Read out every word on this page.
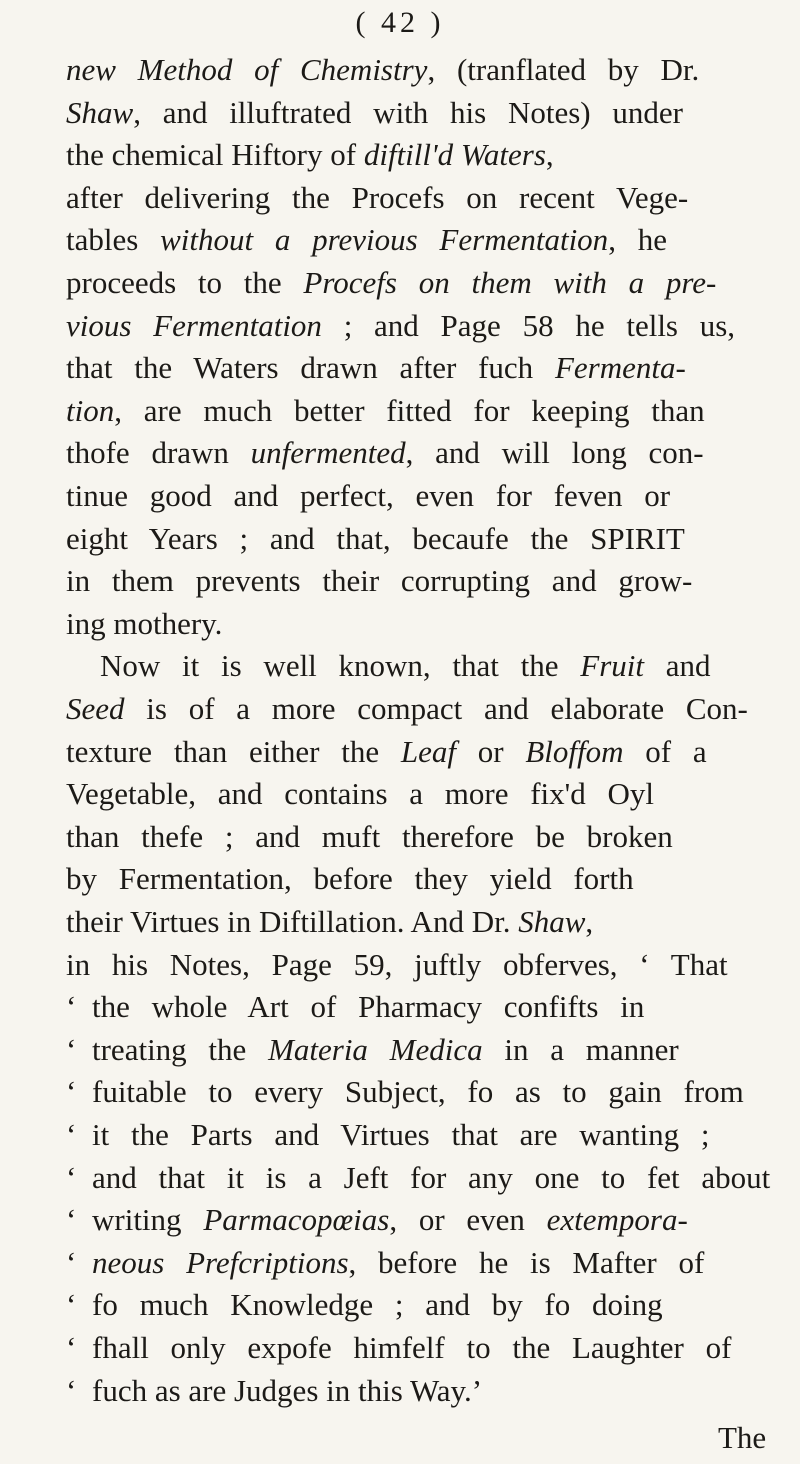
( 42 )
new Method of Chemistry, (tranflated by Dr.
Shaw, and illuftrated with his Notes) under
the chemical Hiftory of diftill'd Waters,
after delivering the Procefs on recent Vege-
tables without a previous Fermentation, he
proceeds to the Procefs on them with a pre-
vious Fermentation ; and Page 58 he tells us,
that the Waters drawn after fuch Fermenta-
tion, are much better fitted for keeping than
thofe drawn unfermented, and will long con-
tinue good and perfect, even for feven or
eight Years ; and that, becaufe the SPIRIT
in them prevents their corrupting and grow-
ing mothery.
Now it is well known, that the Fruit and
Seed is of a more compact and elaborate Con-
texture than either the Leaf or Bloffom of a
Vegetable, and contains a more fix'd Oyl
than thefe ; and muft therefore be broken
by Fermentation, before they yield forth
their Virtues in Diftillation. And Dr. Shaw,
in his Notes, Page 59, juftly obferves, ‘ That
‘ the whole Art of Pharmacy confifts in
‘ treating the Materia Medica in a manner
‘ fuitable to every Subject, fo as to gain from
‘ it the Parts and Virtues that are wanting ;
‘ and that it is a Jeft for any one to fet about
‘ writing Parmacopœias, or even extempora-
‘ neous Prefcriptions, before he is Mafter of
‘ fo much Knowledge ; and by fo doing
‘ fhall only expofe himfelf to the Laughter of
‘ fuch as are Judges in this Way.’
The
